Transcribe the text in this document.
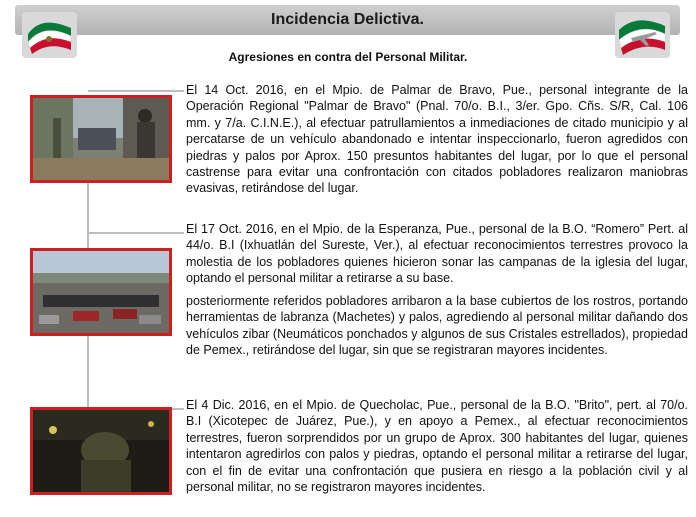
Incidencia Delictiva.
Agresiones en contra del Personal Militar.
El 14 Oct. 2016, en el Mpio. de Palmar de Bravo, Pue., personal integrante de la Operación Regional "Palmar de Bravo" (Pnal. 70/o. B.I., 3/er. Gpo. Cñs. S/R, Cal. 106 mm. y 7/a. C.I.N.E.), al efectuar patrullamientos a inmediaciones de citado municipio y al percatarse de un vehículo abandonado e intentar inspeccionarlo, fueron agredidos con piedras y palos por Aprox. 150 presuntos habitantes del lugar, por lo que el personal castrense para evitar una confrontación con citados pobladores realizaron maniobras evasivas, retirándose del lugar.
El 17 Oct. 2016, en el Mpio. de la Esperanza, Pue., personal de la B.O. “Romero” Pert. al 44/o. B.I (Ixhuatlán del Sureste, Ver.), al efectuar reconocimientos terrestres provoco la molestia de los pobladores quienes hicieron sonar las campanas de la iglesia del lugar, optando el personal militar a retirarse a su base.
posteriormente referidos pobladores arribaron a la base cubiertos de los rostros, portando herramientas de labranza (Machetes) y palos, agrediendo al personal militar dañando dos vehículos zibar (Neumáticos ponchados y algunos de sus Cristales estrellados), propiedad de Pemex., retirándose del lugar, sin que se registraran mayores incidentes.
El 4 Dic. 2016, en el Mpio. de Quecholac, Pue., personal de la B.O. "Brito", pert. al 70/o. B.I (Xicotepec de Juárez, Pue.), y en apoyo a Pemex., al efectuar reconocimientos terrestres, fueron sorprendidos por un grupo de Aprox. 300 habitantes del lugar, quienes intentaron agredirlos con palos y piedras, optando el personal militar a retirarse del lugar, con el fin de evitar una confrontación que pusiera en riesgo a la población civil y al personal militar, no se registraron mayores incidentes.
